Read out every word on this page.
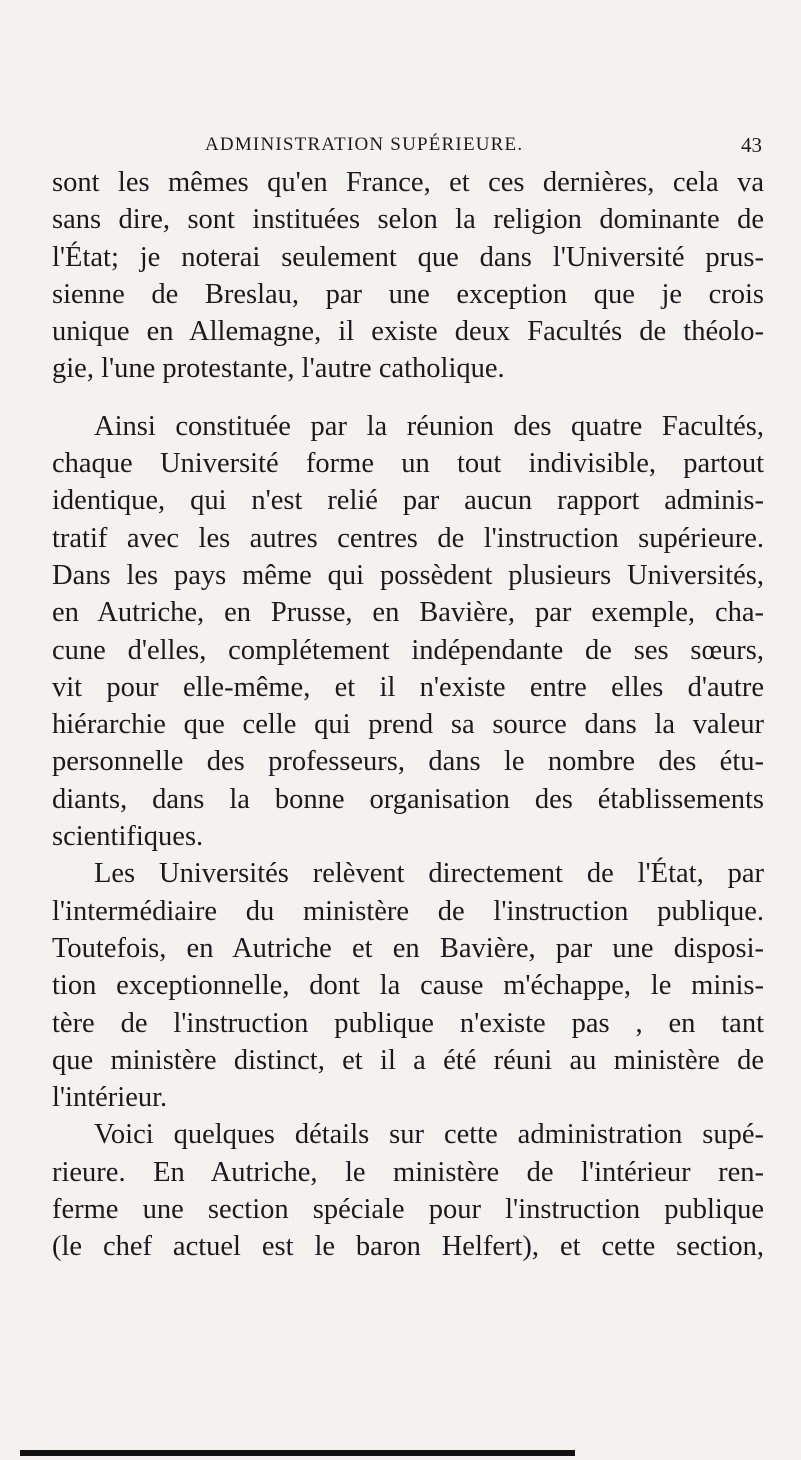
ADMINISTRATION SUPÉRIEURE.	43
sont les mêmes qu'en France, et ces dernières, cela va
sans dire, sont instituées selon la religion dominante de
l'État; je noterai seulement que dans l'Université prus-
sienne de Breslau, par une exception que je crois
unique en Allemagne, il existe deux Facultés de théolo-
gie, l'une protestante, l'autre catholique.
Ainsi constituée par la réunion des quatre Facultés,
chaque Université forme un tout indivisible, partout
identique, qui n'est relié par aucun rapport adminis-
tratif avec les autres centres de l'instruction supérieure.
Dans les pays même qui possèdent plusieurs Universités,
en Autriche, en Prusse, en Bavière, par exemple, cha-
cune d'elles, complétement indépendante de ses sœurs,
vit pour elle-même, et il n'existe entre elles d'autre
hiérarchie que celle qui prend sa source dans la valeur
personnelle des professeurs, dans le nombre des étu-
diants, dans la bonne organisation des établissements
scientifiques.
Les Universités relèvent directement de l'État, par
l'intermédiaire du ministère de l'instruction publique.
Toutefois, en Autriche et en Bavière, par une disposi-
tion exceptionnelle, dont la cause m'échappe, le minis-
tère de l'instruction publique n'existe pas , en tant
que ministère distinct, et il a été réuni au ministère de
l'intérieur.
Voici quelques détails sur cette administration supé-
rieure. En Autriche, le ministère de l'intérieur ren-
ferme une section spéciale pour l'instruction publique
(le chef actuel est le baron Helfert), et cette section,
